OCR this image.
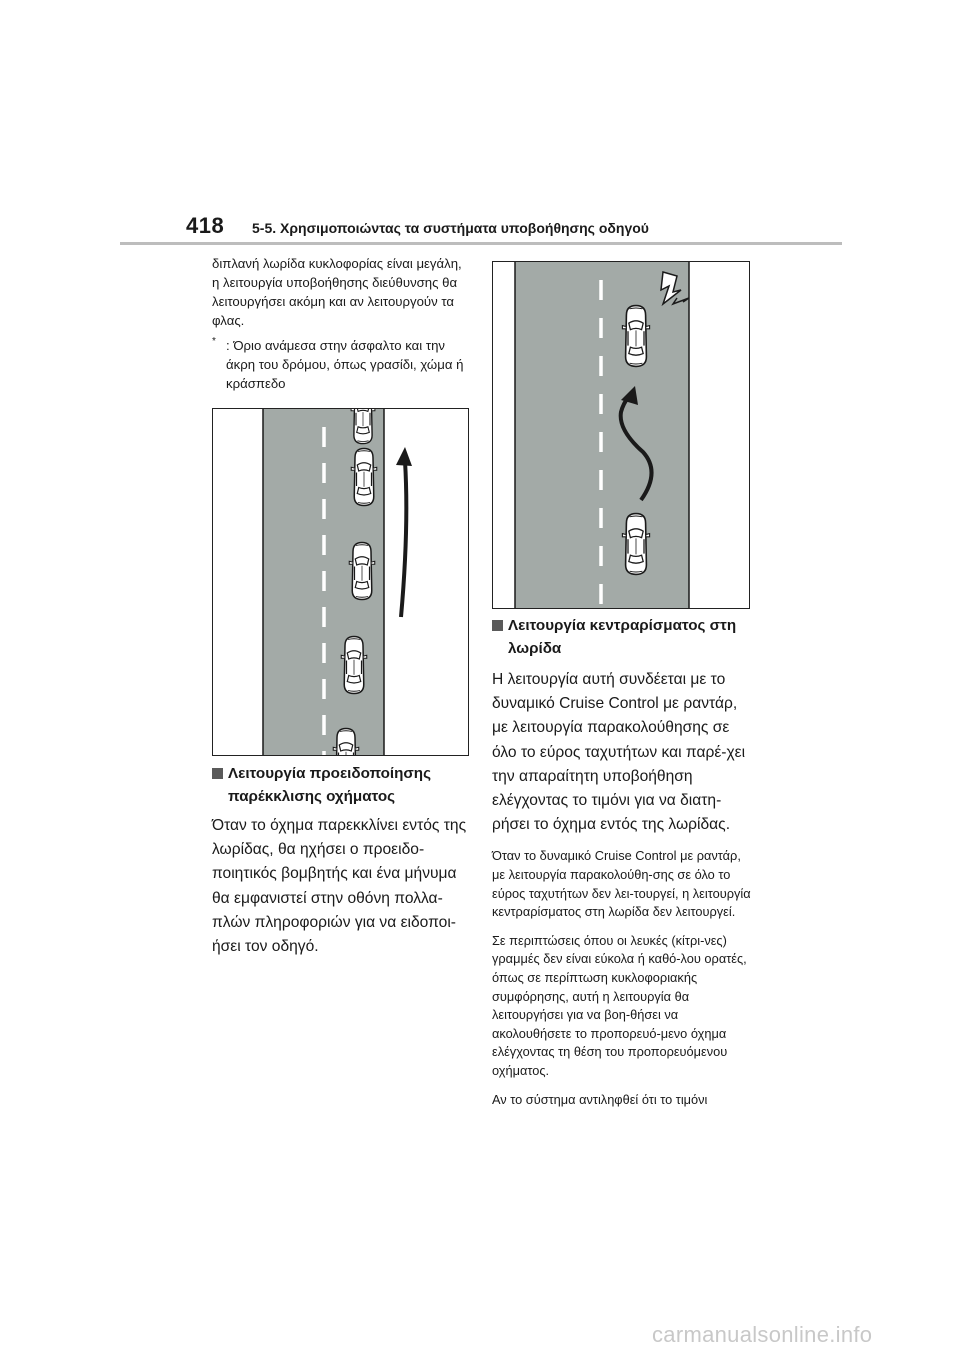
418 5-5. Χρησιμοποιώντας τα συστήματα υποβοήθησης οδηγού

διπλανή λωρίδα κυκλοφορίας είναι μεγάλη, η λειτουργία υποβοήθησης διεύθυνσης θα λειτουργήσει ακόμη και αν λειτουργούν τα φλας.

* : Όριο ανάμεσα στην άσφαλτο και την άκρη του δρόμου, όπως γρασίδι, χώμα ή κράσπεδο

Λειτουργία προειδοποίησης παρέκκλισης οχήματος

Όταν το όχημα παρεκκλίνει εντός της λωρίδας, θα ηχήσει ο προειδο-ποιητικός βομβητής και ένα μήνυμα θα εμφανιστεί στην οθόνη πολλα-πλών πληροφοριών για να ειδοποι-ήσει τον οδηγό.

Λειτουργία κεντραρίσματος στη λωρίδα

Η λειτουργία αυτή συνδέεται με το δυναμικό Cruise Control με ραντάρ, με λειτουργία παρακολούθησης σε όλο το εύρος ταχυτήτων και παρέ-χει την απαραίτητη υποβοήθηση ελέγχοντας το τιμόνι για να διατη-ρήσει το όχημα εντός της λωρίδας.

Όταν το δυναμικό Cruise Control με ραντάρ, με λειτουργία παρακολούθη-σης σε όλο το εύρος ταχυτήτων δεν λει-τουργεί, η λειτουργία κεντραρίσματος στη λωρίδα δεν λειτουργεί.

Σε περιπτώσεις όπου οι λευκές (κίτρι-νες) γραμμές δεν είναι εύκολα ή καθό-λου ορατές, όπως σε περίπτωση κυκλοφοριακής συμφόρησης, αυτή η λειτουργία θα λειτουργήσει για να βοη-θήσει να ακολουθήσετε το προπορευό-μενο όχημα ελέγχοντας τη θέση του προπορευόμενου οχήματος.

Αν το σύστημα αντιληφθεί ότι το τιμόνι

carmanualsonline.info
